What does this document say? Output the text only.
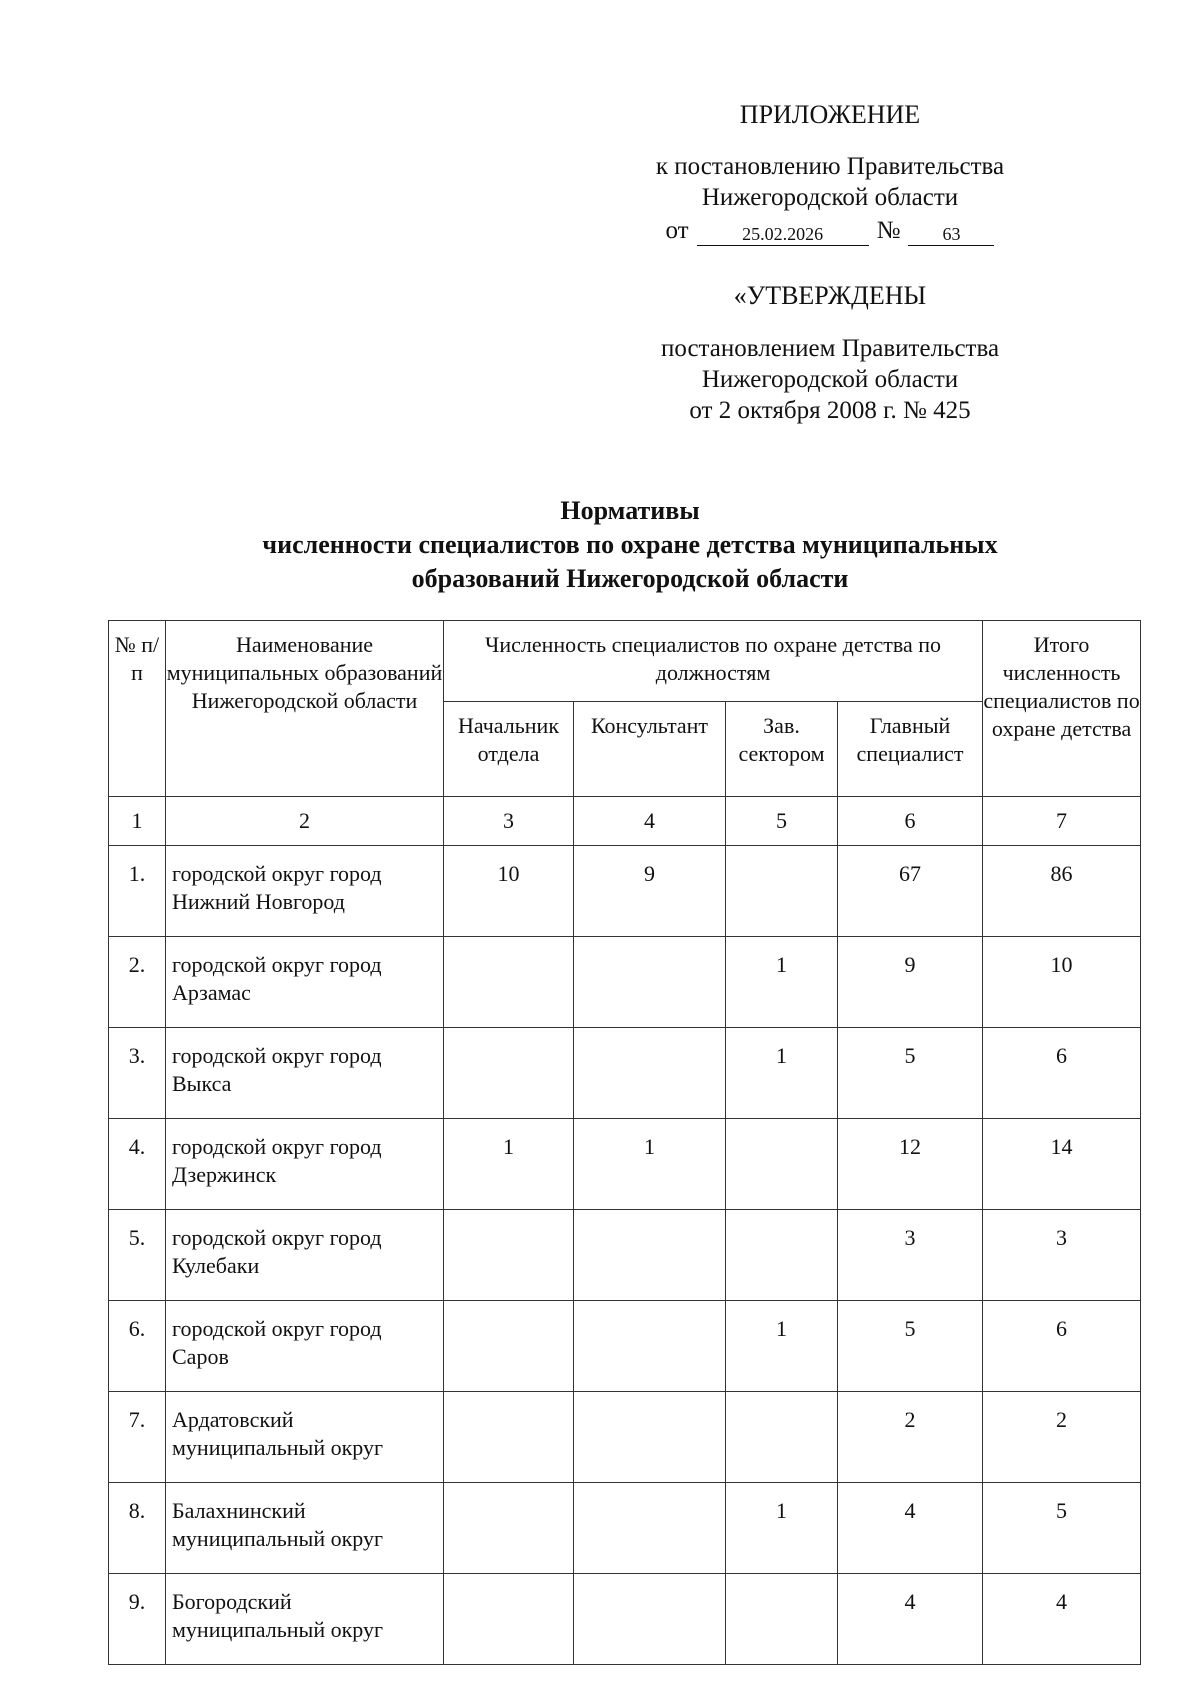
ПРИЛОЖЕНИЕ
к постановлению Правительства
Нижегородской области
от	25.02.2026	№	63
«УТВЕРЖДЕНЫ
постановлением Правительства
Нижегородской области
от 2 октября 2008 г. № 425
Нормативы
численности специалистов по охране детства муниципальных
образований Нижегородской области
№ п/п	Наименование муниципальных образований Нижегородской области	Численность специалистов по охране детства по должностям				Итого численность специалистов по охране детства
		Начальник отдела	Консультант	Зав. сектором	Главный специалист	
1	2	3	4	5	6	7
1.	городской округ город Нижний Новгород	10	9		67	86
2.	городской округ город Арзамас			1	9	10
3.	городской округ город Выкса			1	5	6
4.	городской округ город Дзержинск	1	1		12	14
5.	городской округ город Кулебаки				3	3
6.	городской округ город Саров			1	5	6
7.	Ардатовский муниципальный округ				2	2
8.	Балахнинский муниципальный округ			1	4	5
9.	Богородский муниципальный округ				4	4
